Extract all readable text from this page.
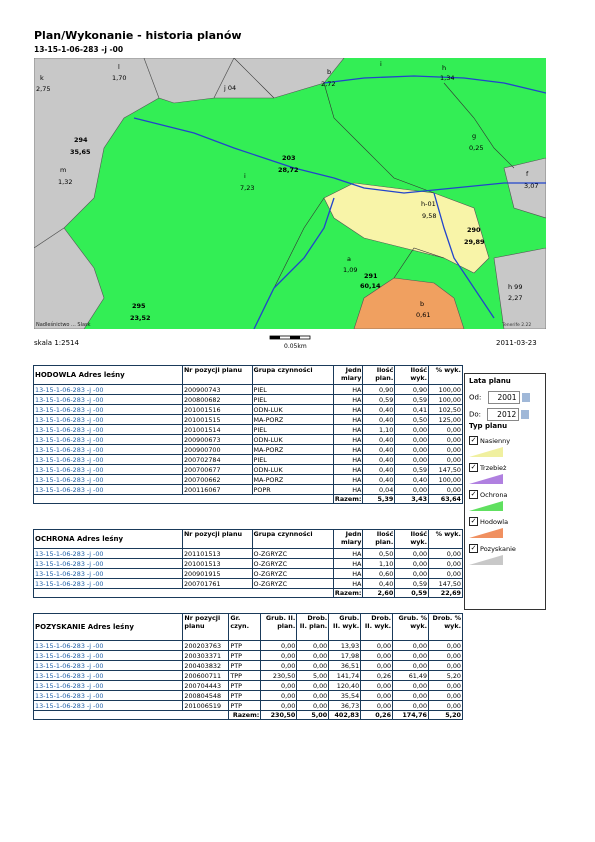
Plan/Wykonanie - historia planów
13-15-1-06-283 -j -00
k
2,75
l
1,70
j 04
b
2,72
i	h
1,34
g
0,25
294
35,65
203
28,72
m
1,32
i
7,23
f
3,07
h-01
9,58
290
29,89
a
1,09
291
60,14
b
0,61
h 99
2,27
295
23,52
Nadleśnictwo ... Slask	Tenerife 2.22
0.05km
skala 1:2514	2011-03-23
HODOWLA Adres leśny	Nr pozycji planu	Grupa czynności	Jedn miary	Ilość plan.	Ilość wyk.	% wyk.
13-15-1-06-283 -j -00	200900743	PIEL	HA	0,90	0,90	100,00
13-15-1-06-283 -j -00	200800682	PIEL	HA	0,59	0,59	100,00
13-15-1-06-283 -j -00	201001516	ODN-LUK	HA	0,40	0,41	102,50
13-15-1-06-283 -j -00	201001515	MA-PORZ	HA	0,40	0,50	125,00
13-15-1-06-283 -j -00	201001514	PIEL	HA	1,10	0,00	0,00
13-15-1-06-283 -j -00	200900673	ODN-LUK	HA	0,40	0,00	0,00
13-15-1-06-283 -j -00	200900700	MA-PORZ	HA	0,40	0,00	0,00
13-15-1-06-283 -j -00	200702784	PIEL	HA	0,40	0,00	0,00
13-15-1-06-283 -j -00	200700677	ODN-LUK	HA	0,40	0,59	147,50
13-15-1-06-283 -j -00	200700662	MA-PORZ	HA	0,40	0,40	100,00
13-15-1-06-283 -j -00	200116067	POPR	HA	0,04	0,00	0,00
			Razem:	5,39	3,43	63,64
OCHRONA Adres leśny	Nr pozycji planu	Grupa czynności	Jedn miary	Ilość plan.	Ilość wyk.	% wyk.
13-15-1-06-283 -j -00	201101513	O-ZGRYZC	HA	0,50	0,00	0,00
13-15-1-06-283 -j -00	201001513	O-ZGRYZC	HA	1,10	0,00	0,00
13-15-1-06-283 -j -00	200901915	O-ZGRYZC	HA	0,60	0,00	0,00
13-15-1-06-283 -j -00	200701761	O-ZGRYZC	HA	0,40	0,59	147,50
			Razem:	2,60	0,59	22,69
POZYSKANIE Adres leśny	Nr pozycji planu	Gr. czyn.	Grub. II. plan.	Drob. II. plan.	Grub. II. wyk.	Drob. II. wyk.	Grub. % wyk.	Drob. % wyk.
13-15-1-06-283 -j -00	200203763	PTP	0,00	0,00	13,93	0,00	0,00	0,00
13-15-1-06-283 -j -00	200303371	PTP	0,00	0,00	17,98	0,00	0,00	0,00
13-15-1-06-283 -j -00	200403832	PTP	0,00	0,00	36,51	0,00	0,00	0,00
13-15-1-06-283 -j -00	200600711	TPP	230,50	5,00	141,74	0,26	61,49	5,20
13-15-1-06-283 -j -00	200704443	PTP	0,00	0,00	120,40	0,00	0,00	0,00
13-15-1-06-283 -j -00	200804548	PTP	0,00	0,00	35,54	0,00	0,00	0,00
13-15-1-06-283 -j -00	201006519	PTP	0,00	0,00	36,73	0,00	0,00	0,00
		Razem:	230,50	5,00	402,83	0,26	174,76	5,20
Lata planu
Od: 2001
Do: 2012
Typ planu
✓ Nasienny
✓ Trzebież
✓ Ochrona
✓ Hodowla
✓ Pozyskanie
